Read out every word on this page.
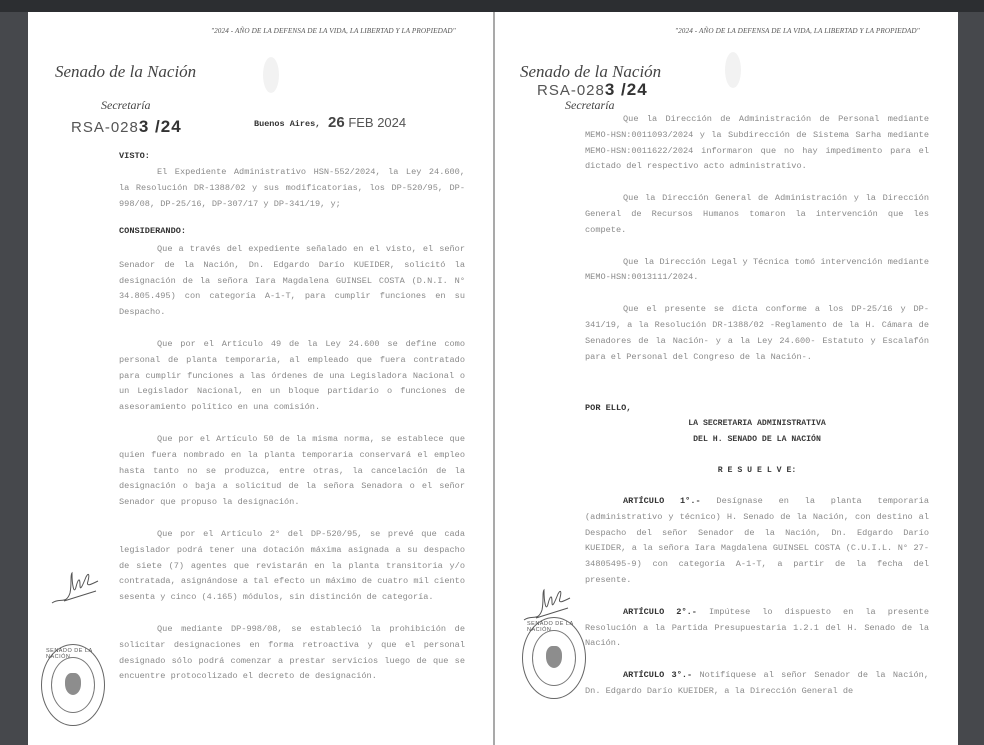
"2024 - AÑO DE LA DEFENSA DE LA VIDA, LA LIBERTAD Y LA PROPIEDAD"
Senado de la Nación
Secretaría
RSA-0283 /24	Buenos Aires, 26 FEB 2024
VISTO:

El Expediente Administrativo HSN-552/2024, la Ley 24.600, la Resolución DR-1388/02 y sus modificatorias, los DP-520/95, DP-998/08, DP-25/16, DP-307/17 y DP-341/19, y;

CONSIDERANDO:

Que a través del expediente señalado en el visto, el señor Senador de la Nación, Dn. Edgardo Darío KUEIDER, solicitó la designación de la señora Iara Magdalena GUINSEL COSTA (D.N.I. N° 34.805.495) con categoría A-1-T, para cumplir funciones en su Despacho.

Que por el Artículo 49 de la Ley 24.600 se define como personal de planta temporaria, al empleado que fuera contratado para cumplir funciones a las órdenes de una Legisladora Nacional o un Legislador Nacional, en un bloque partidario o funciones de asesoramiento político en una comisión.

Que por el Artículo 50 de la misma norma, se establece que quien fuera nombrado en la planta temporaria conservará el empleo hasta tanto no se produzca, entre otras, la cancelación de la designación o baja a solicitud de la señora Senadora o el señor Senador que propuso la designación.

Que por el Artículo 2° del DP-520/95, se prevé que cada legislador podrá tener una dotación máxima asignada a su despacho de siete (7) agentes que revistarán en la planta transitoria y/o contratada, asignándose a tal efecto un máximo de cuatro mil ciento sesenta y cinco (4.165) módulos, sin distinción de categoría.

Que mediante DP-998/08, se estableció la prohibición de solicitar designaciones en forma retroactiva y que el personal designado sólo podrá comenzar a prestar servicios luego de que se encuentre protocolizado el decreto de designación.

SENADO DE LA NACIÓN
"2024 - AÑO DE LA DEFENSA DE LA VIDA, LA LIBERTAD Y LA PROPIEDAD"
Senado de la Nación
RSA-0283 /24
Secretaría

Que la Dirección de Administración de Personal mediante MEMO-HSN:0011093/2024 y la Subdirección de Sistema Sarha mediante MEMO-HSN:0011622/2024 informaron que no hay impedimento para el dictado del respectivo acto administrativo.

Que la Dirección General de Administración y la Dirección General de Recursos Humanos tomaron la intervención que les compete.

Que la Dirección Legal y Técnica tomó intervención mediante MEMO-HSN:0013111/2024.

Que el presente se dicta conforme a los DP-25/16 y DP-341/19, a la Resolución DR-1388/02 -Reglamento de la H. Cámara de Senadores de la Nación- y a la Ley 24.600- Estatuto y Escalafón para el Personal del Congreso de la Nación-.

POR ELLO,
LA SECRETARIA ADMINISTRATIVA
DEL H. SENADO DE LA NACIÓN
R E S U E L V E:

ARTÍCULO 1°.- Desígnase en la planta temporaria (administrativo y técnico) H. Senado de la Nación, con destino al Despacho del señor Senador de la Nación, Dn. Edgardo Darío KUEIDER, a la señora Iara Magdalena GUINSEL COSTA (C.U.I.L. N° 27-34805495-9) con categoría A-1-T, a partir de la fecha del presente.

ARTÍCULO 2°.- Impútese lo dispuesto en la presente Resolución a la Partida Presupuestaria 1.2.1 del H. Senado de la Nación.

ARTÍCULO 3°.- Notifíquese al señor Senador de la Nación, Dn. Edgardo Darío KUEIDER, a la Dirección General de

SENADO DE LA NACIÓN
